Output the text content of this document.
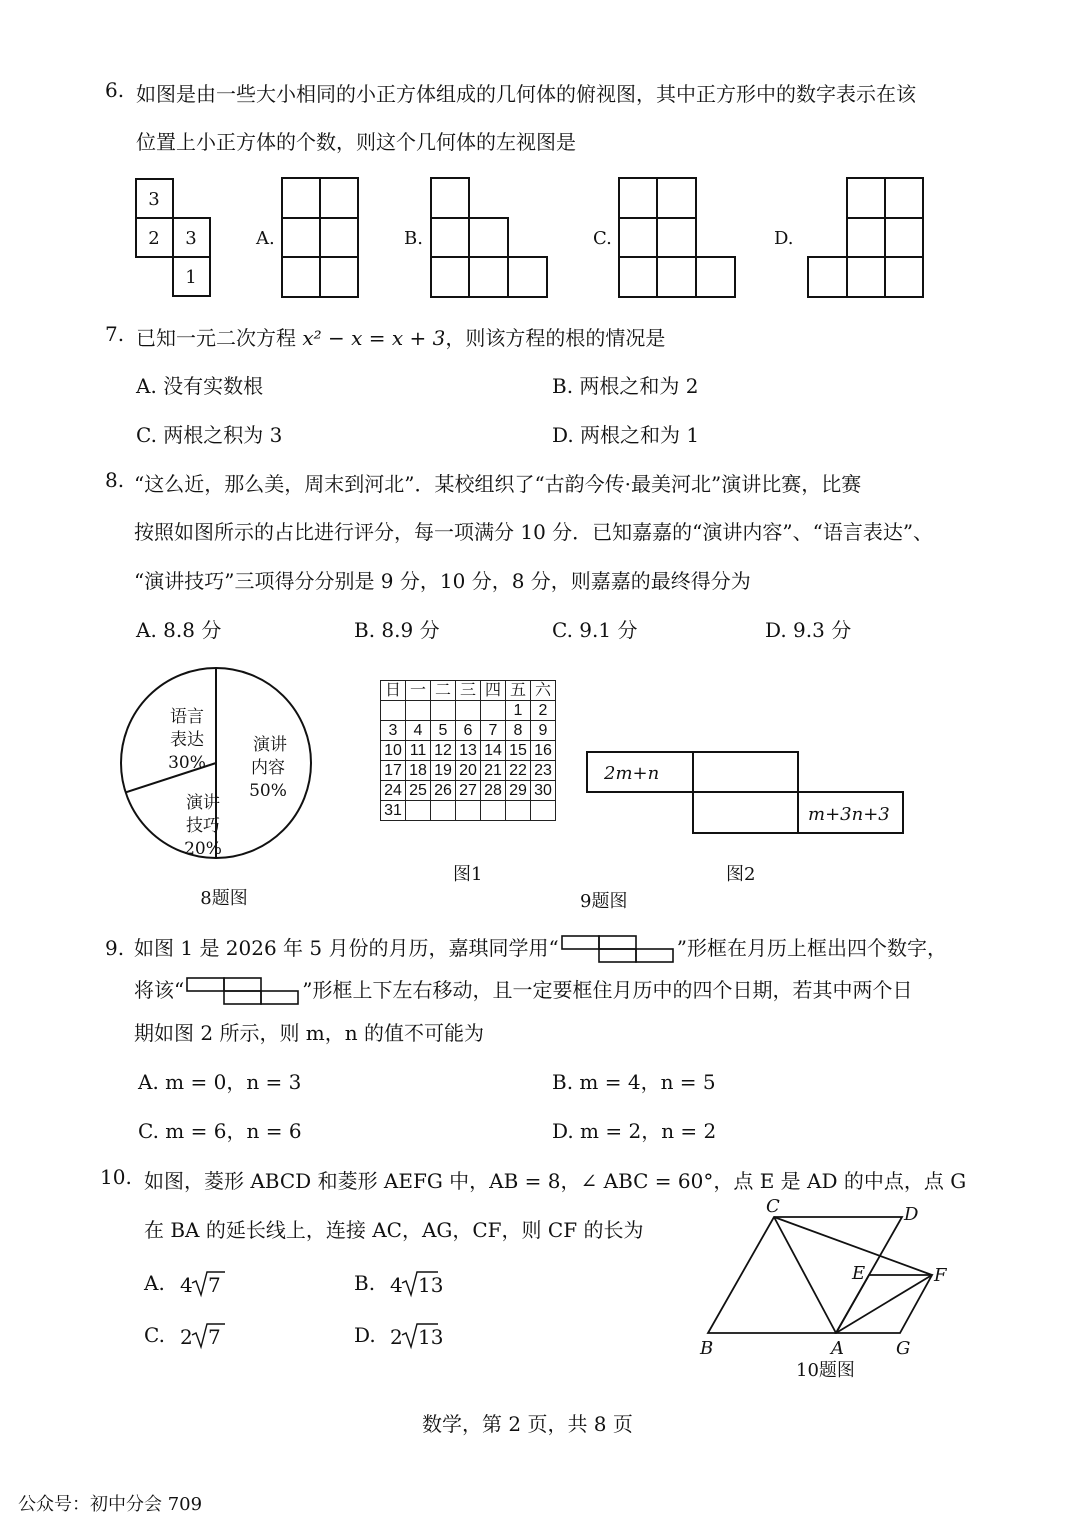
6. 如图是由一些大小相同的小正方体组成的几何体的俯视图，其中正方形中的数字表示在该
位置上小正方体的个数，则这个几何体的左视图是
3
2 3
1
A.	B.	C.	D.
7. 已知一元二次方程 x² − x = x + 3，则该方程的根的情况是
A. 没有实数根	B. 两根之和为 2
C. 两根之积为 3	D. 两根之和为 1
8. “这么近，那么美，周末到河北”．某校组织了“古韵今传·最美河北”演讲比赛，比赛
按照如图所示的占比进行评分，每一项满分 10 分．已知嘉嘉的“演讲内容”、“语言表达”、
“演讲技巧”三项得分分别是 9 分，10 分，8 分，则嘉嘉的最终得分为
A. 8.8 分	B. 8.9 分	C. 9.1 分	D. 9.3 分
演讲
内容
50%
语言
表达
30%
演讲
技巧
20%
8题图
日	一	二	三	四	五	六
					1	2
3	4	5	6	7	8	9
10	11	12	13	14	15	16
17	18	19	20	21	22	23
24	25	26	27	28	29	30
31						
图1
2m+n
m+3n+3
图2
9题图
9. 如图 1 是 2026 年 5 月份的月历，嘉琪同学用“	”形框在月历上框出四个数字，
将该“	”形框上下左右移动，且一定要框住月历中的四个日期，若其中两个日
期如图 2 所示，则 m，n 的值不可能为
A. m = 0，n = 3	B. m = 4，n = 5
C. m = 6，n = 6	D. m = 2，n = 2
10. 如图，菱形 ABCD 和菱形 AEFG 中，AB = 8，∠ ABC = 60°，点 E 是 AD 的中点，点 G
在 BA 的延长线上，连接 AC，AG，CF，则 CF 的长为
A. 4 7	B. 4 13
C. 2 7	D. 2 13
C	D
E	F
B	A	G
10题图
数学，第 2 页，共 8 页
公众号：初中分会 709
